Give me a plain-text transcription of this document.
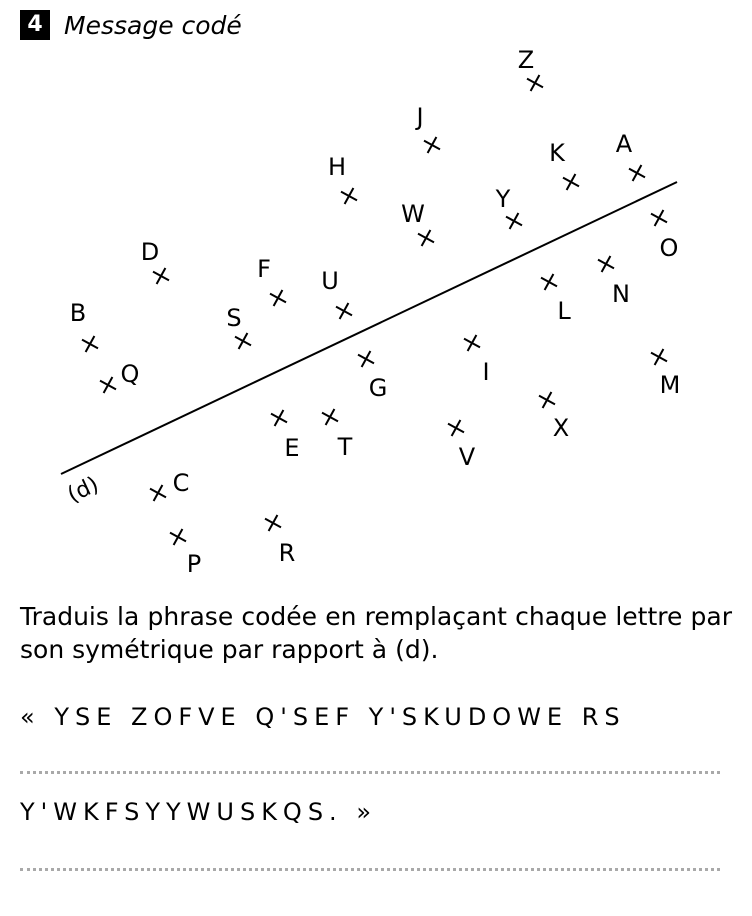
4 Message codé
(d)
Z
J
H	K A
Y
W
O
D
F U	N
L
B	S
I
Q	G	M
X
E T	V
C
P	R
Traduis la phrase codée en remplaçant chaque lettre par son symétrique par rapport à (d).
« YSE ZOFVE Q'SEF Y'SKUDOWE RS
Y'WKFSYYWUSKQS. »
